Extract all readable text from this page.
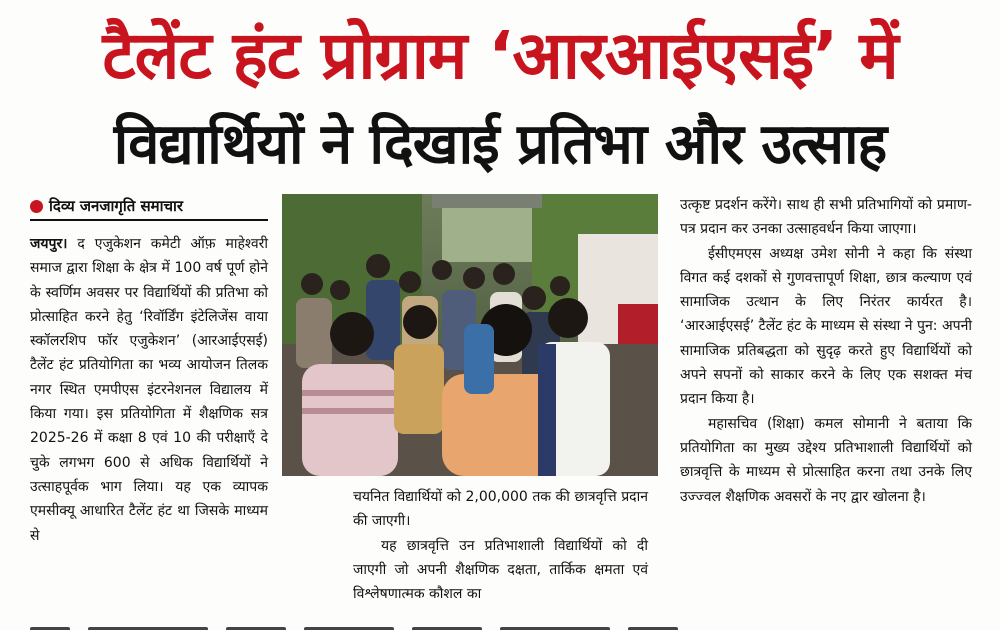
टैलेंट हंट प्रोग्राम ‘आरआईएसई’ में
विद्यार्थियों ने दिखाई प्रतिभा और उत्साह
दिव्य जनजागृति समाचार

जयपुर। द एजुकेशन कमेटी ऑफ़ माहेश्वरी समाज द्वारा शिक्षा के क्षेत्र में 100 वर्ष पूर्ण होने के स्वर्णिम अवसर पर विद्यार्थियों की प्रतिभा को प्रोत्साहित करने हेतु ‘रिवॉर्डिंग इंटेलिजेंस वाया स्कॉलरशिप फॉर एजुकेशन’ (आरआईएसई) टैलेंट हंट प्रतियोगिता का भव्य आयोजन तिलक नगर स्थित एमपीएस इंटरनेशनल विद्यालय में किया गया। इस प्रतियोगिता में शैक्षणिक सत्र 2025-26 में कक्षा 8 एवं 10 की परीक्षाएँ दे चुके लगभग 600 से अधिक विद्यार्थियों ने उत्साहपूर्वक भाग लिया। यह एक व्यापक एमसीक्यू आधारित टैलेंट हंट था जिसके माध्यम से

चयनित विद्यार्थियों को 2,00,000 तक की छात्रवृत्ति प्रदान की जाएगी।

यह छात्रवृत्ति उन प्रतिभाशाली विद्यार्थियों को दी जाएगी जो अपनी शैक्षणिक दक्षता, तार्किक क्षमता एवं विश्लेषणात्मक कौशल का

उत्कृष्ट प्रदर्शन करेंगे। साथ ही सभी प्रतिभागियों को प्रमाण-पत्र प्रदान कर उनका उत्साहवर्धन किया जाएगा।

ईसीएमएस अध्यक्ष उमेश सोनी ने कहा कि संस्था विगत कई दशकों से गुणवत्तापूर्ण शिक्षा, छात्र कल्याण एवं सामाजिक उत्थान के लिए निरंतर कार्यरत है। ‘आरआईएसई’ टैलेंट हंट के माध्यम से संस्था ने पुन: अपनी सामाजिक प्रतिबद्धता को सुदृढ़ करते हुए विद्यार्थियों को अपने सपनों को साकार करने के लिए एक सशक्त मंच प्रदान किया है।

महासचिव (शिक्षा) कमल सोमानी ने बताया कि प्रतियोगिता का मुख्य उद्देश्य प्रतिभाशाली विद्यार्थियों को छात्रवृत्ति के माध्यम से प्रोत्साहित करना तथा उनके लिए उज्ज्वल शैक्षणिक अवसरों के नए द्वार खोलना है।
